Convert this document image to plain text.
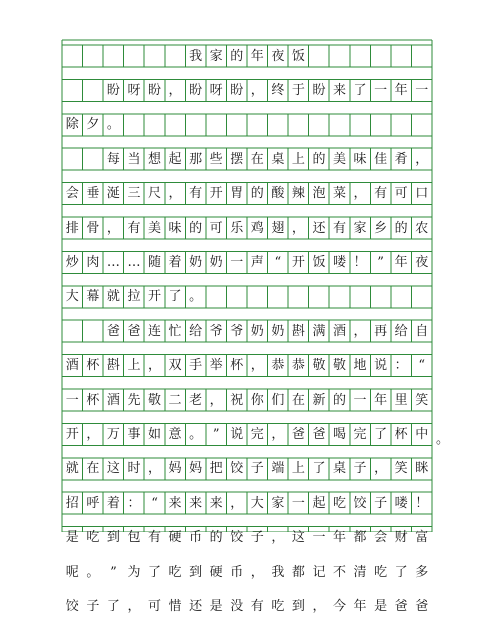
我 家 的 年 夜 饭
盼 呀 盼 ， 盼 呀 盼 ， 终 于 盼 来 了 一 年 一
除 夕 。
每 当 想 起 那 些 摆 在 桌 上 的 美 味 佳 肴 ，
会 垂 涎 三 尺 ， 有 开 胃 的 酸 辣 泡 菜 ， 有 可 口
排 骨 ， 有 美 味 的 可 乐 鸡 翅 ， 还 有 家 乡 的 农
炒 肉 … … 随 着 奶 奶 一 声 “ 开 饭 喽 ！ ” 年 夜
大 幕 就 拉 开 了 。
爸 爸 连 忙 给 爷 爷 奶 奶 斟 满 酒 ， 再 给 自
酒 杯 斟 上 ， 双 手 举 杯 ， 恭 恭 敬 敬 地 说 ： “
一 杯 酒 先 敬 二 老 ， 祝 你 们 在 新 的 一 年 里 笑
开 ， 万 事 如 意 。 ” 说 完 ， 爸 爸 喝 完 了 杯 中
就 在 这 时 ， 妈 妈 把 饺 子 端 上 了 桌 子 ， 笑 眯
招 呼 着 ： “ 来 来 来 ， 大 家 一 起 吃 饺 子 喽 ！
是 吃 到 包 有 硬 币 的 饺 子 ， 这 一 年 都 会 财 富
呢 。 ” 为 了 吃 到 硬 币 ， 我 都 记 不 清 吃 了 多
饺 子 了 ， 可 惜 还 是 没 有 吃 到 ， 今 年 是 爸 爸
。
